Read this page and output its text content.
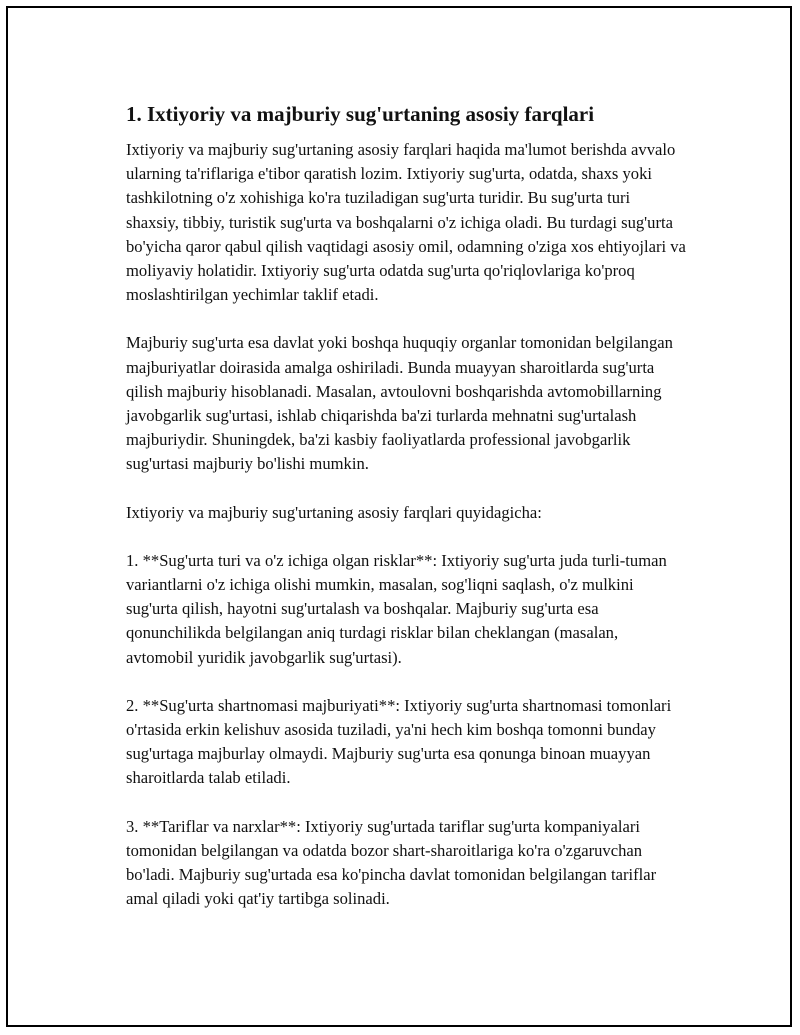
1. Ixtiyoriy va majburiy sug'urtaning asosiy farqlari

Ixtiyoriy va majburiy sug'urtaning asosiy farqlari haqida ma'lumot berishda avvalo ularning ta'riflariga e'tibor qaratish lozim. Ixtiyoriy sug'urta, odatda, shaxs yoki tashkilotning o'z xohishiga ko'ra tuziladigan sug'urta turidir. Bu sug'urta turi shaxsiy, tibbiy, turistik sug'urta va boshqalarni o'z ichiga oladi. Bu turdagi sug'urta bo'yicha qaror qabul qilish vaqtidagi asosiy omil, odamning o'ziga xos ehtiyojlari va moliyaviy holatidir. Ixtiyoriy sug'urta odatda sug'urta qo'riqlovlariga ko'proq moslashtirilgan yechimlar taklif etadi.

Majburiy sug'urta esa davlat yoki boshqa huquqiy organlar tomonidan belgilangan majburiyatlar doirasida amalga oshiriladi. Bunda muayyan sharoitlarda sug'urta qilish majburiy hisoblanadi. Masalan, avtoulovni boshqarishda avtomobillarning javobgarlik sug'urtasi, ishlab chiqarishda ba'zi turlarda mehnatni sug'urtalash majburiydir. Shuningdek, ba'zi kasbiy faoliyatlarda professional javobgarlik sug'urtasi majburiy bo'lishi mumkin.

Ixtiyoriy va majburiy sug'urtaning asosiy farqlari quyidagicha:

1. **Sug'urta turi va o'z ichiga olgan risklar**: Ixtiyoriy sug'urta juda turli-tuman variantlarni o'z ichiga olishi mumkin, masalan, sog'liqni saqlash, o'z mulkini sug'urta qilish, hayotni sug'urtalash va boshqalar. Majburiy sug'urta esa qonunchilikda belgilangan aniq turdagi risklar bilan cheklangan (masalan, avtomobil yuridik javobgarlik sug'urtasi).

2. **Sug'urta shartnomasi majburiyati**: Ixtiyoriy sug'urta shartnomasi tomonlari o'rtasida erkin kelishuv asosida tuziladi, ya'ni hech kim boshqa tomonni bunday sug'urtaga majburlay olmaydi. Majburiy sug'urta esa qonunga binoan muayyan sharoitlarda talab etiladi.

3. **Tariflar va narxlar**: Ixtiyoriy sug'urtada tariflar sug'urta kompaniyalari tomonidan belgilangan va odatda bozor shart-sharoitlariga ko'ra o'zgaruvchan bo'ladi. Majburiy sug'urtada esa ko'pincha davlat tomonidan belgilangan tariflar amal qiladi yoki qat'iy tartibga solinadi.
